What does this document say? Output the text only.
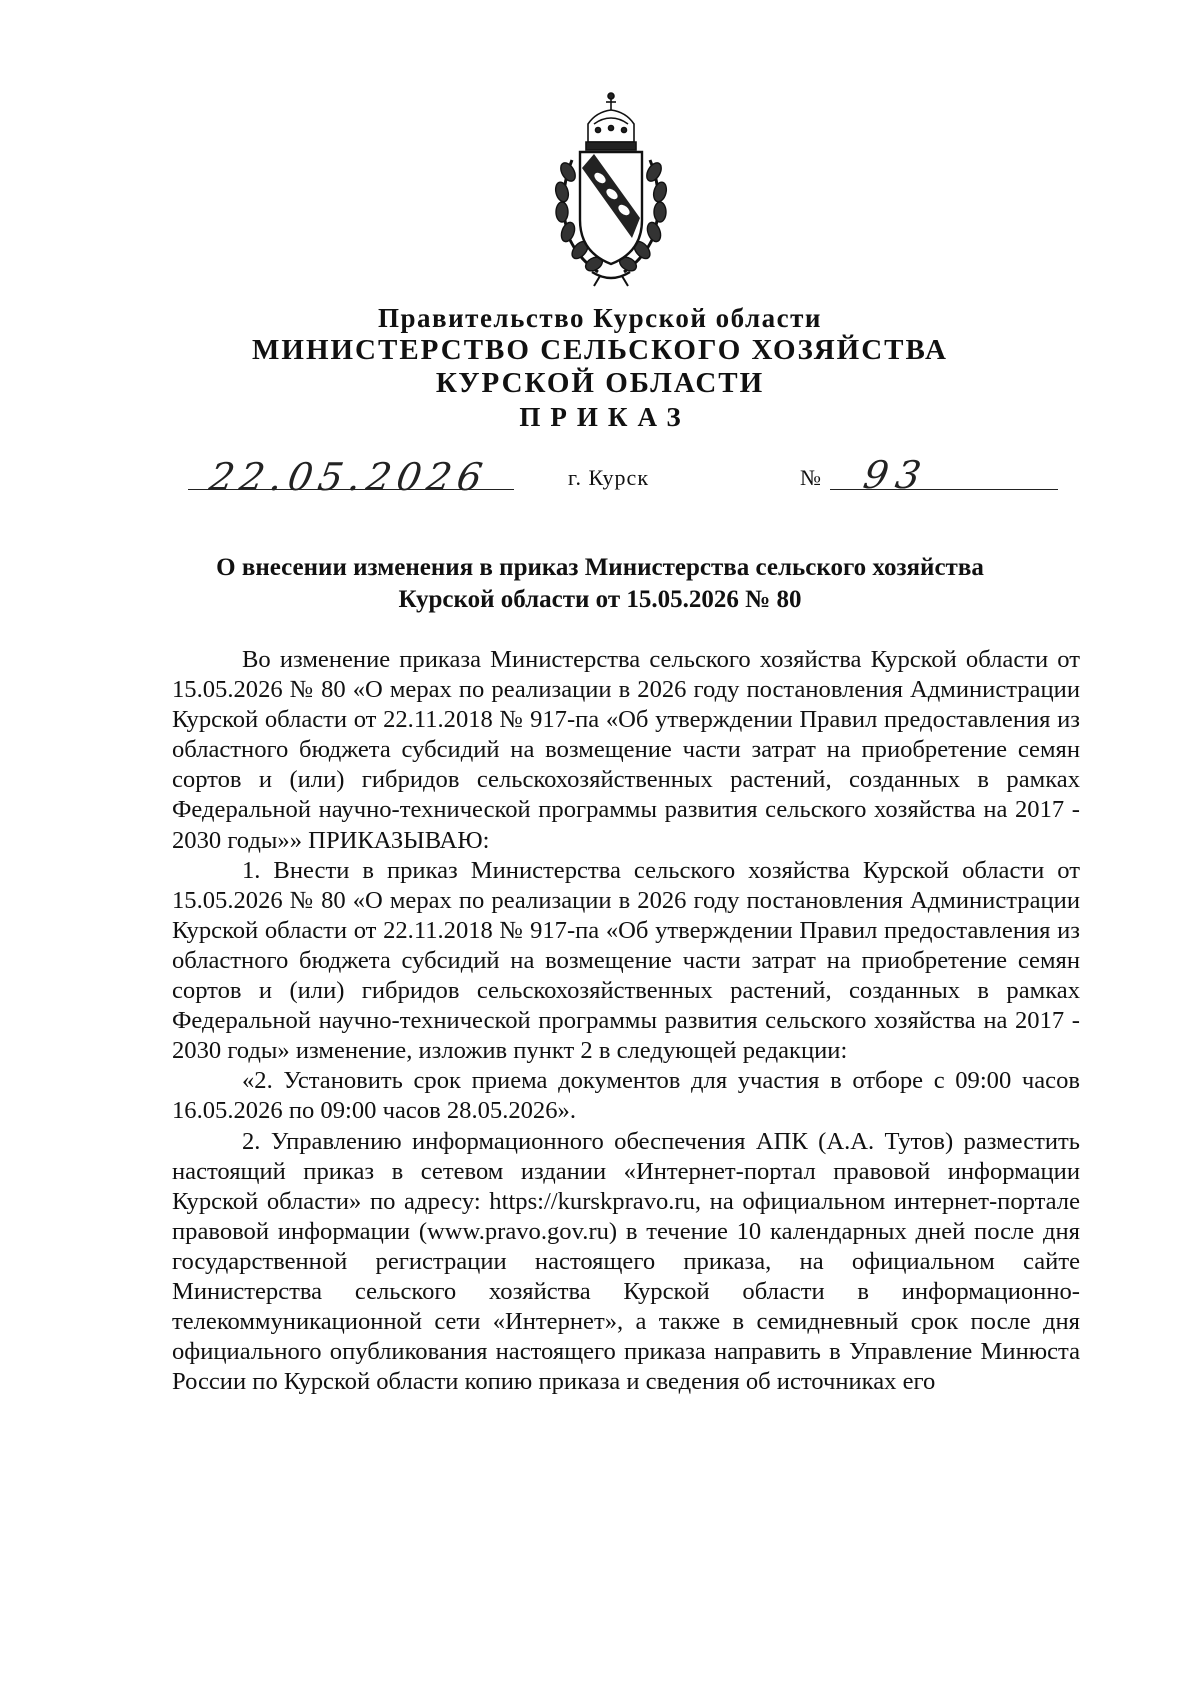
Правительство Курской области
МИНИСТЕРСТВО СЕЛЬСКОГО ХОЗЯЙСТВА
КУРСКОЙ ОБЛАСТИ
ПРИКАЗ
22.05.2026	г. Курск	№ 93
О внесении изменения в приказ Министерства сельского хозяйства
Курской области от 15.05.2026 № 80

Во изменение приказа Министерства сельского хозяйства Курской области от 15.05.2026 № 80 «О мерах по реализации в 2026 году постановления Администрации Курской области от 22.11.2018 № 917-па «Об утверждении Правил предоставления из областного бюджета субсидий на возмещение части затрат на приобретение семян сортов и (или) гибридов сельскохозяйственных растений, созданных в рамках Федеральной научно-технической программы развития сельского хозяйства на 2017 - 2030 годы»» ПРИКАЗЫВАЮ:

1. Внести в приказ Министерства сельского хозяйства Курской области от 15.05.2026 № 80 «О мерах по реализации в 2026 году постановления Администрации Курской области от 22.11.2018 № 917-па «Об утверждении Правил предоставления из областного бюджета субсидий на возмещение части затрат на приобретение семян сортов и (или) гибридов сельскохозяйственных растений, созданных в рамках Федеральной научно-технической программы развития сельского хозяйства на 2017 - 2030 годы» изменение, изложив пункт 2 в следующей редакции:

«2. Установить срок приема документов для участия в отборе с 09:00 часов 16.05.2026 по 09:00 часов 28.05.2026».

2. Управлению информационного обеспечения АПК (А.А. Тутов) разместить настоящий приказ в сетевом издании «Интернет-портал правовой информации Курской области» по адресу: https://kurskpravo.ru, на официальном интернет-портале правовой информации (www.pravo.gov.ru) в течение 10 календарных дней после дня государственной регистрации настоящего приказа, на официальном сайте Министерства сельского хозяйства Курской области в информационно-телекоммуникационной сети «Интернет», а также в семидневный срок после дня официального опубликования настоящего приказа направить в Управление Минюста России по Курской области копию приказа и сведения об источниках его
